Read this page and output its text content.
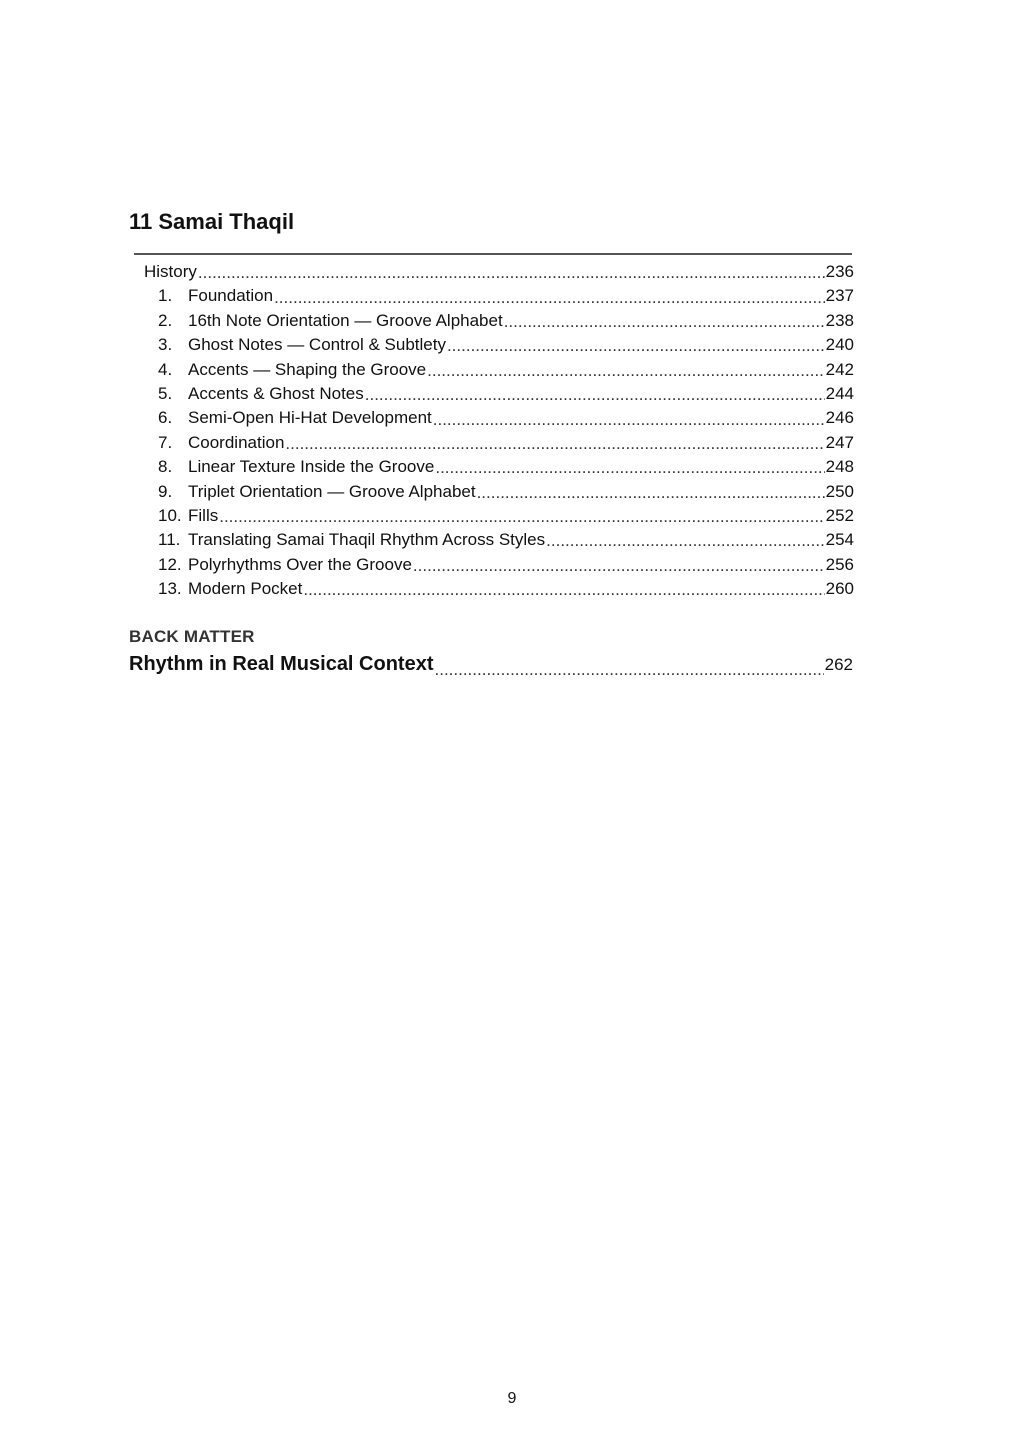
11 Samai Thaqil
History .....	236
1. Foundation .....	237
2. 16th Note Orientation — Groove Alphabet .....	238
3. Ghost Notes — Control & Subtlety .....	240
4. Accents — Shaping the Groove .....	242
5. Accents & Ghost Notes .....	244
6. Semi-Open Hi-Hat Development .....	246
7. Coordination .....	247
8. Linear Texture Inside the Groove .....	248
9. Triplet Orientation — Groove Alphabet .....	250
10. Fills .....	252
11. Translating Samai Thaqil Rhythm Across Styles .....	254
12. Polyrhythms Over the Groove .....	256
13. Modern Pocket .....	260
BACK MATTER
Rhythm in Real Musical Context .....	262

9
